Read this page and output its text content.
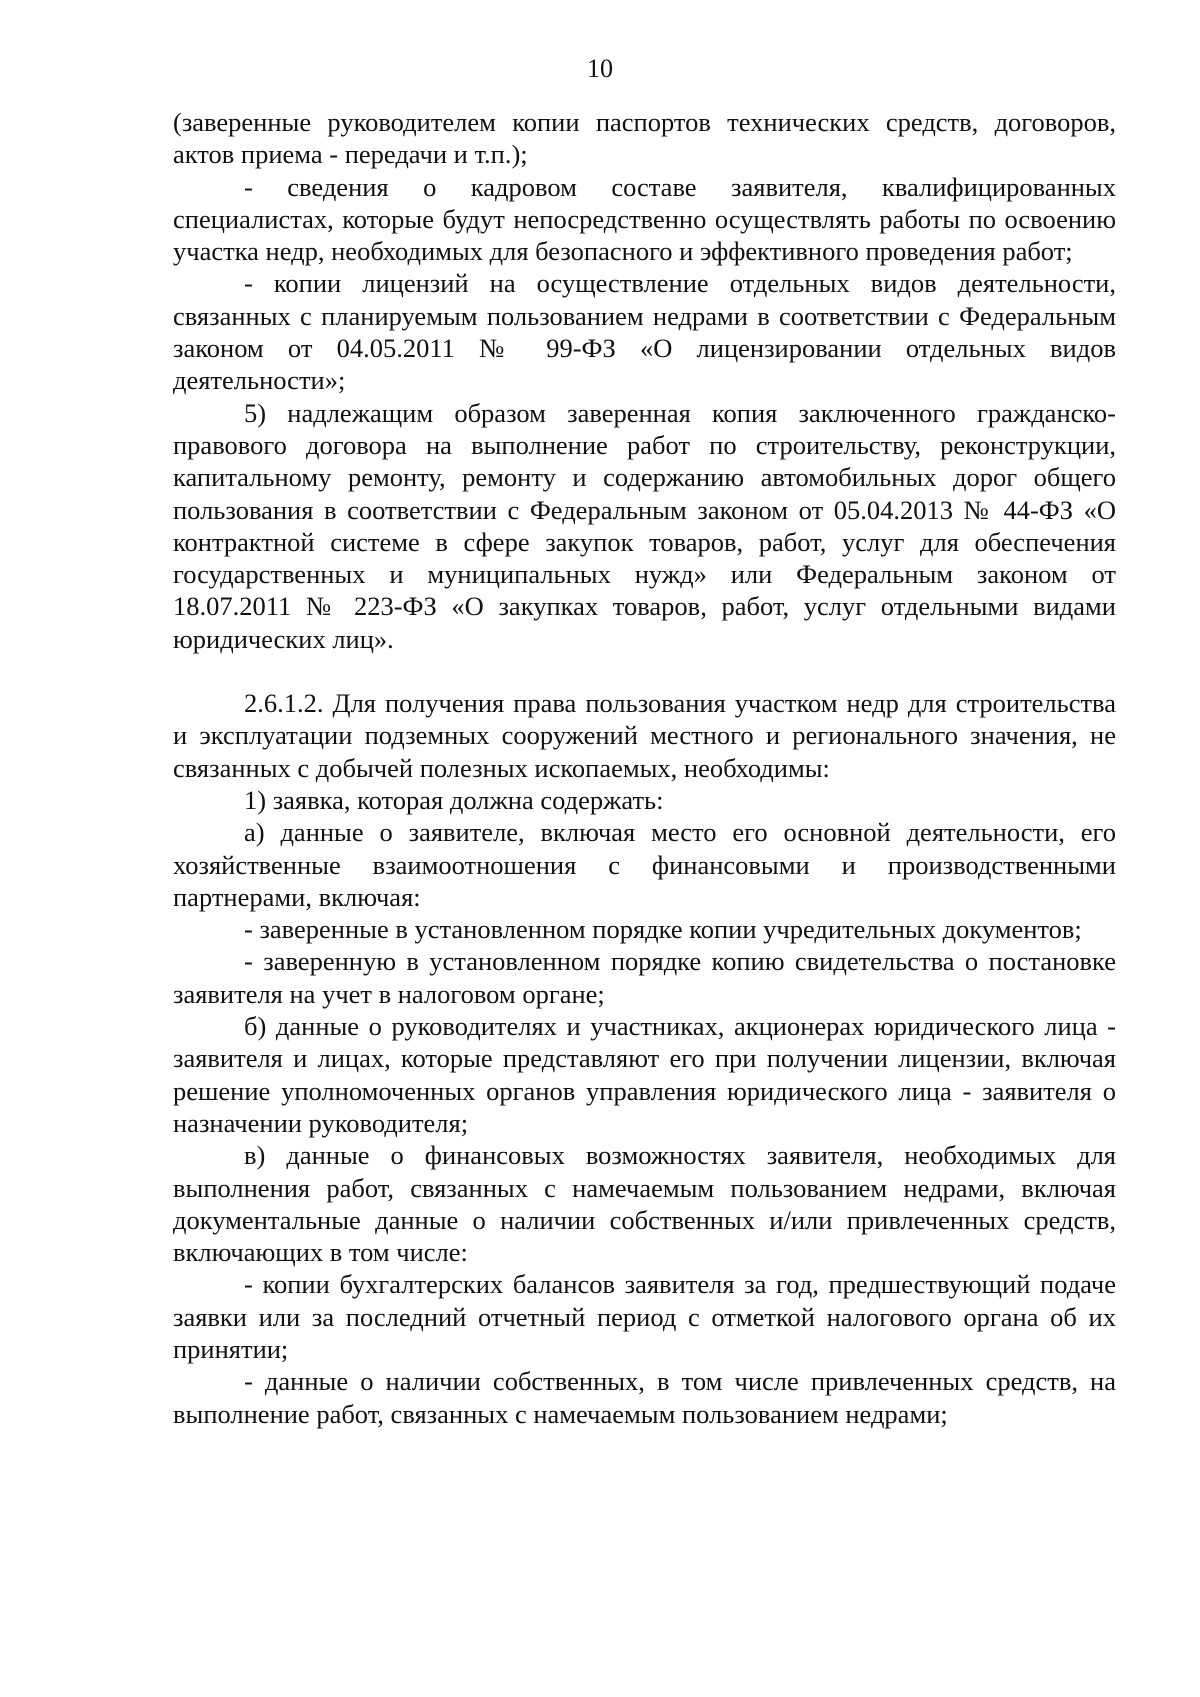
10

(заверенные руководителем копии паспортов технических средств, договоров, актов приема - передачи и т.п.);

- сведения о кадровом составе заявителя, квалифицированных специалистах, которые будут непосредственно осуществлять работы по освоению участка недр, необходимых для безопасного и эффективного проведения работ;

- копии лицензий на осуществление отдельных видов деятельности, связанных с планируемым пользованием недрами в соответствии с Федеральным законом от 04.05.2011 № 99-ФЗ «О лицензировании отдельных видов деятельности»;

5) надлежащим образом заверенная копия заключенного гражданско-правового договора на выполнение работ по строительству, реконструкции, капитальному ремонту, ремонту и содержанию автомобильных дорог общего пользования в соответствии с Федеральным законом от 05.04.2013 № 44-ФЗ «О контрактной системе в сфере закупок товаров, работ, услуг для обеспечения государственных и муниципальных нужд» или Федеральным законом от 18.07.2011 № 223-ФЗ «О закупках товаров, работ, услуг отдельными видами юридических лиц».

2.6.1.2. Для получения права пользования участком недр для строительства и эксплуатации подземных сооружений местного и регионального значения, не связанных с добычей полезных ископаемых, необходимы:

1) заявка, которая должна содержать:

а) данные о заявителе, включая место его основной деятельности, его хозяйственные взаимоотношения с финансовыми и производственными партнерами, включая:

- заверенные в установленном порядке копии учредительных документов;

- заверенную в установленном порядке копию свидетельства о постановке заявителя на учет в налоговом органе;

б) данные о руководителях и участниках, акционерах юридического лица - заявителя и лицах, которые представляют его при получении лицензии, включая решение уполномоченных органов управления юридического лица - заявителя о назначении руководителя;

в) данные о финансовых возможностях заявителя, необходимых для выполнения работ, связанных с намечаемым пользованием недрами, включая документальные данные о наличии собственных и/или привлеченных средств, включающих в том числе:

- копии бухгалтерских балансов заявителя за год, предшествующий подаче заявки или за последний отчетный период с отметкой налогового органа об их принятии;

- данные о наличии собственных, в том числе привлеченных средств, на выполнение работ, связанных с намечаемым пользованием недрами;
